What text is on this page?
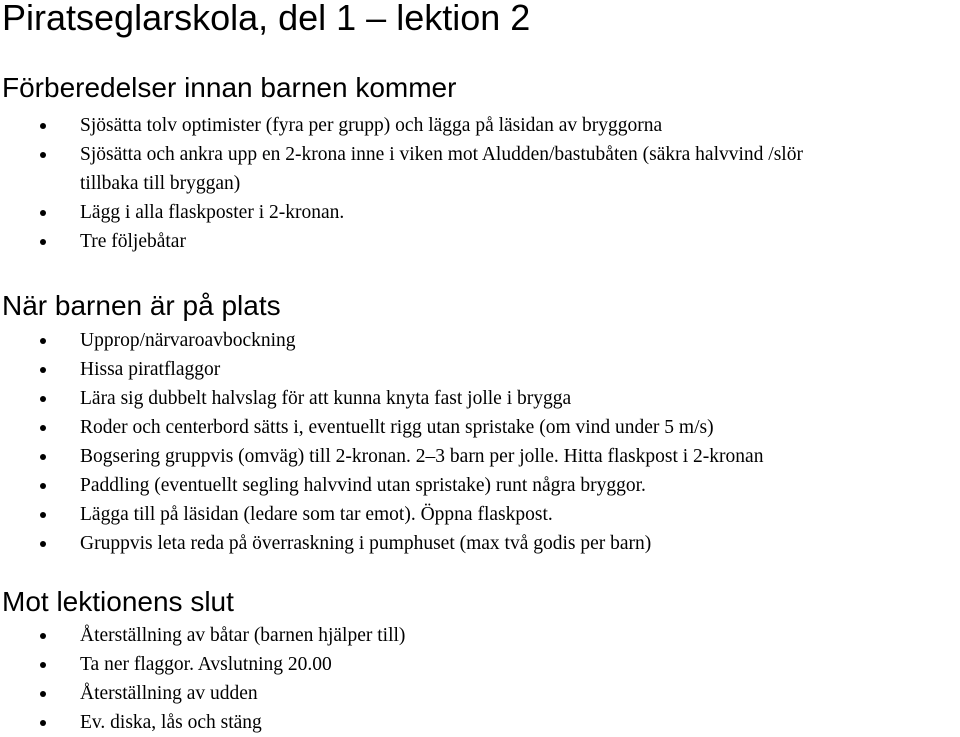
Piratseglarskola, del 1 – lektion 2
Förberedelser innan barnen kommer
Sjösätta tolv optimister (fyra per grupp) och lägga på läsidan av bryggorna
Sjösätta och ankra upp en 2-krona inne i viken mot Aludden/bastubåten (säkra halvvind /slör
tillbaka till bryggan)
Lägg i alla flaskposter i 2-kronan.
Tre följebåtar
När barnen är på plats
Upprop/närvaroavbockning
Hissa piratflaggor
Lära sig dubbelt halvslag för att kunna knyta fast jolle i brygga
Roder och centerbord sätts i, eventuellt rigg utan spristake (om vind under 5 m/s)
Bogsering gruppvis (omväg) till 2-kronan. 2–3 barn per jolle. Hitta flaskpost i 2-kronan
Paddling (eventuellt segling halvvind utan spristake) runt några bryggor.
Lägga till på läsidan (ledare som tar emot). Öppna flaskpost.
Gruppvis leta reda på överraskning i pumphuset (max två godis per barn)
Mot lektionens slut
Återställning av båtar (barnen hjälper till)
Ta ner flaggor. Avslutning 20.00
Återställning av udden
Ev. diska, lås och stäng
